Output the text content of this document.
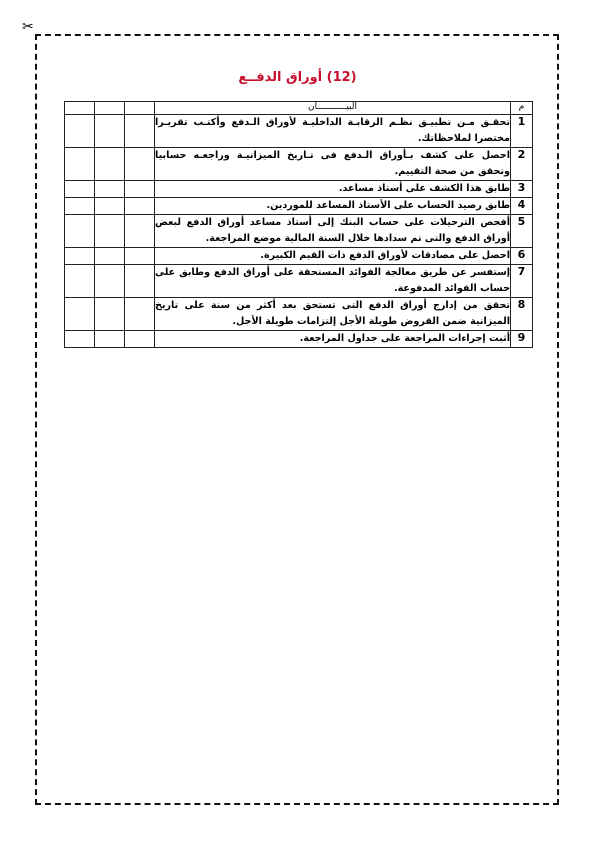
✂
(12) أوراق الدفــع
م	البيـــــــــــان			
1	تحقـق مـن تطبيـق نظـم الرقابـة الداخليـة لأوراق الـدفع وأكتـب تقريـرا مختصرا لملاحظاتك.			
2	احصل على كشف بـأوراق الـدفع فى تـاريخ الميزانيـة وراجعـه حسابيا وتحقق من صحة التقييم.			
3	طابق هذا الكشف على أستاذ مساعد.			
4	طابق رصيد الحساب على الأستاذ المساعد للموردين.			
5	أفحص الترحيلات على حساب البنك إلى أستاذ مساعد أوراق الدفع لبعض أوراق الدفع والتى تم سدادها خلال السنة المالية موضع المراجعة.			
6	احصل على مصادقات لأوراق الدفع ذات القيم الكبيرة.			
7	إستفسر عن طريق معالجة الفوائد المستحقة على أوراق الدفع وطابق على حساب الفوائد المدفوعة.			
8	تحقق من إدارج أوراق الدفع التى تستحق بعد أكثر من سنة على تاريخ الميزانية ضمن القروض طويلة الأجل إلتزامات طويلة الأجل.			
9	أثبت إجراءات المراجعة على جداول المراجعة.			
